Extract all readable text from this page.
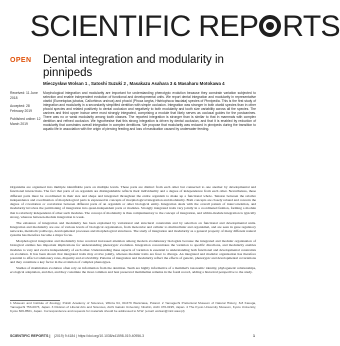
SCIENTIFIC REP RTS
OPEN Dental integration and modularity in pinnipeds
Mieczysław Wolsan 1 , Satoshi Suzuki 2 , Masakazu Asahara 3 & Masaharu Motokawa 4
Received: 11 June 2018
Accepted: 28 February 2019
Published online: 12 March 2019

Morphological integration and modularity are important for understanding phenotypic evolution because they constrain variation subjected to selection and enable independent evolution of functional and developmental units. We report dental integration and modularity in representative otariid (Eumetopias jubatus, Callorhinus ursinus) and phocid (Phoca largha, Histriophoca fasciata) species of Pinnipedia. This is the first study of integration and modularity in a secondarily simplified dentition with simple occlusion. Integration was stronger in both otariid species than in other phocid species and related positively to dental occlusion and negatively to both modularity and tooth size variability across all the species. The canines and third upper incisor were most strongly integrated, comprising a module that likely serves as occlusal guides for the postcanines. There was no or weak modularity among tooth classes. The reported integration is stronger than is similar to that in mammals with complex dentition and refined occlusion. We hypothesise that this strong integration is driven by dental occlusion, and that it is enabled by reduction of modularity that constrains overall integration in complex dentitions. We propose that modularity was reduced in pinnipeds during the transition to aquatic life in association with the origin of piercing feeding and loss of mastication caused by underwater feeding.

Organisms are organised into multiple identifiable parts on multiple levels. These parts are distinct from each other but connected to one another by developmental and functional interactions. The fact that parts of an organism are distinguishable reflects their individuality and a degree of independence from each other. Nevertheless, these different parts must be coordinated in their size and shape and integrated throughout the entire organism to make up a functional whole. Tension between the relative independence and coordination of morphological parts is expressed in concepts of morphological integration and modularity. Both concepts are closely related and concern the degree of covariation or correlation between different parts of an organism or other biological entity. Integration deals with the overall pattern of intercorrelation, and modularity involves the partitioning of integration into quasi-independent parts or modules. Strongly integrated traits vary jointly in a coordinated fashion, forming a module that is relatively independent of other such modules. The concept of modularity is thus complementary to the concept of integration, and within-module integration is typically strong, whereas between-module integration is weak.

The existence of integration and modularity has been explained by variational and structural constraints and by selection on functional and developmental units. Integration and modularity are one of various levels of biological organisation, from molecular and cellular to multicellular and organismal, and are seen in gene regulatory networks, metabolic pathways, developmental processes and morphological structures. The study of integration and modularity as a general property of many different natural systems has therefore become a major focus.

Morphological integration and modularity have received increased attention among modern evolutionary biologists because the integrated and modular organisation of biological entities has important implications for understanding phenotypic evolution. Integration concentrates the variation to specific directions, and modularity enables modules to vary and evolve independently of each other. Understanding these aspects of variation is essential to understanding both functional and developmental constraints on evolution. It has been shown that integrated traits may evolve jointly, whereas modular traits are freer to diverge. An integrated and modular organisation has therefore potential to affect evolutionary rates, disparity and evolvability. Patterns of integration and modularity reflect the effects of genetic, phenotypic and developmental covariations and they constitute a key factor in the evolution of complex phenotypes.

Studies of mammalian evolution often rely on information from the dentition. Teeth are highly informative of a mammal's taxonomic identity, phylogenetic relationships, ecological adaptation, and diet, and they constitute the most common and best preserved mammalian remains in the fossil record, adding a historical perspective to the study.

1 Museum and Institute of Zoology, Polish Academy of Sciences, Wilcza 64, 00-679 Warszawa, Poland. 2 Yamaguchi Prefectural Museum of Natural History, 8-8 Kasuga, Yamaguchi 753-0073, Japan. 3 Division of Liberal Arts and Sciences, Aichi Gakuin University, Nisshin, Aichi 470-0195, Japan. 4 The Kyoto University Museum, Kyoto University, Kyoto 606-8501, Japan. Correspondence and requests for materials should be addressed to M.W. (email: wolsan@miiz.waw.pl)

SCIENTIFIC REPORTS | (2019) 9:4184 | https://doi.org/10.1038/s41598-019-40956-3	1
